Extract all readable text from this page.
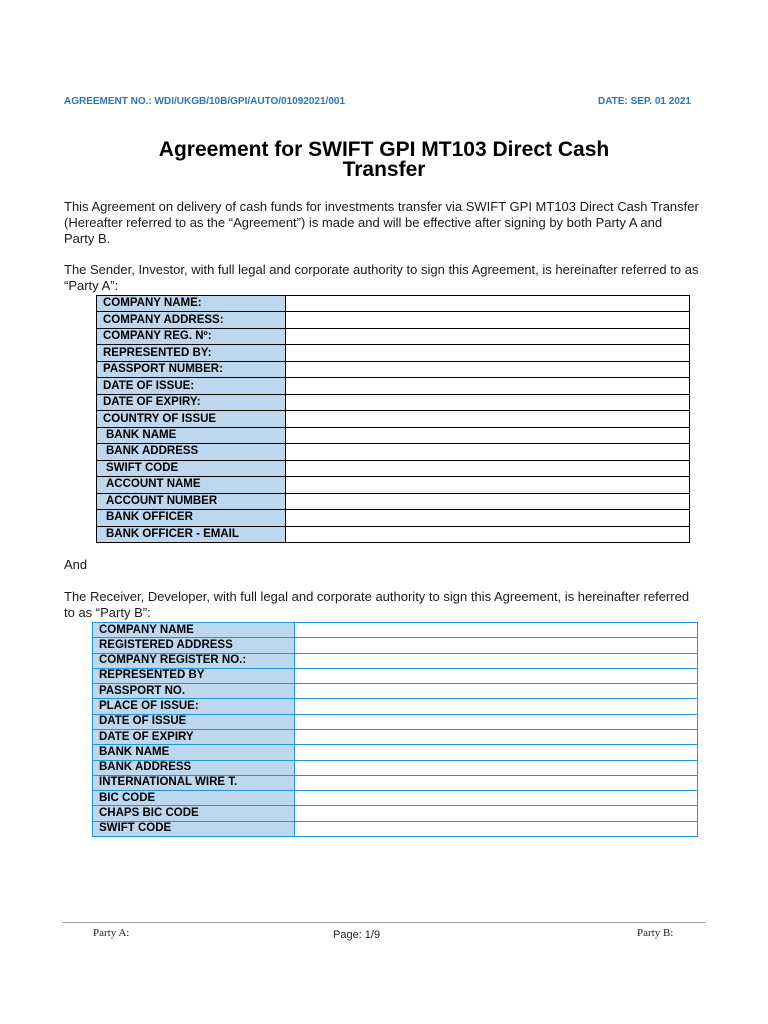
AGREEMENT NO.: WDI/UKGB/10B/GPI/AUTO/01092021/001	DATE: SEP. 01 2021
Agreement for SWIFT GPI MT103 Direct Cash Transfer
This Agreement on delivery of cash funds for investments transfer via SWIFT GPI MT103 Direct Cash Transfer
(Hereafter referred to as the “Agreement”) is made and will be effective after signing by both Party A and
Party B.
The Sender, Investor, with full legal and corporate authority to sign this Agreement, is hereinafter referred to as
“Party A”:
COMPANY NAME:	
COMPANY ADDRESS:	
COMPANY REG. Nº:	
REPRESENTED BY:	
PASSPORT NUMBER:	
DATE OF ISSUE:	
DATE OF EXPIRY:	
COUNTRY OF ISSUE	
BANK NAME	
BANK ADDRESS	
SWIFT CODE	
ACCOUNT NAME	
ACCOUNT NUMBER	
BANK OFFICER	
BANK OFFICER - EMAIL	
And
The Receiver, Developer, with full legal and corporate authority to sign this Agreement, is hereinafter referred
to as “Party B”:
COMPANY NAME	
REGISTERED ADDRESS	
COMPANY REGISTER NO.:	
REPRESENTED BY	
PASSPORT NO.	
PLACE OF ISSUE:	
DATE OF ISSUE	
DATE OF EXPIRY	
BANK NAME	
BANK ADDRESS	
INTERNATIONAL WIRE T.	
BIC CODE	
CHAPS BIC CODE	
SWIFT CODE	
Party A:	Page: 1/9	Party B:
